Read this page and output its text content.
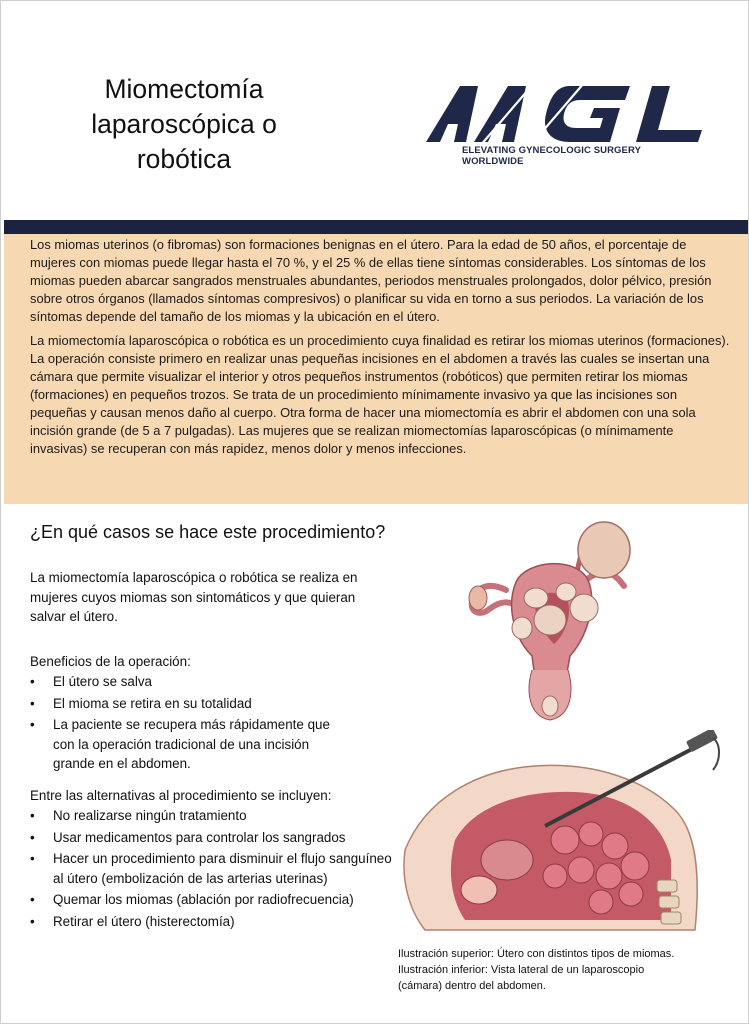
Miomectomía laparoscópica o robótica	ELEVATING GYNECOLOGIC SURGERY WORLDWIDE

Los miomas uterinos (o fibromas) son formaciones benignas en el útero. Para la edad de 50 años, el porcentaje de mujeres con miomas puede llegar hasta el 70 %, y el 25 % de ellas tiene síntomas considerables. Los síntomas de los miomas pueden abarcar sangrados menstruales abundantes, periodos menstruales prolongados, dolor pélvico, presión sobre otros órganos (llamados síntomas compresivos) o planificar su vida en torno a sus periodos. La variación de los síntomas depende del tamaño de los miomas y la ubicación en el útero.

La miomectomía laparoscópica o robótica es un procedimiento cuya finalidad es retirar los miomas uterinos (formaciones). La operación consiste primero en realizar unas pequeñas incisiones en el abdomen a través las cuales se insertan una cámara que permite visualizar el interior y otros pequeños instrumentos (robóticos) que permiten retirar los miomas (formaciones) en pequeños trozos. Se trata de un procedimiento mínimamente invasivo ya que las incisiones son pequeñas y causan menos daño al cuerpo. Otra forma de hacer una miomectomía es abrir el abdomen con una sola incisión grande (de 5 a 7 pulgadas). Las mujeres que se realizan miomectomías laparoscópicas (o mínimamente invasivas) se recuperan con más rapidez, menos dolor y menos infecciones.

¿En qué casos se hace este procedimiento?
La miomectomía laparoscópica o robótica se realiza en mujeres cuyos miomas son sintomáticos y que quieran salvar el útero.
Beneficios de la operación:
• El útero se salva
• El mioma se retira en su totalidad
• La paciente se recupera más rápidamente que con la operación tradicional de una incisión grande en el abdomen.
Entre las alternativas al procedimiento se incluyen:
• No realizarse ningún tratamiento
• Usar medicamentos para controlar los sangrados
• Hacer un procedimiento para disminuir el flujo sanguíneo al útero (embolización de las arterias uterinas)
• Quemar los miomas (ablación por radiofrecuencia)
• Retirar el útero (histerectomía)
Ilustración superior: Útero con distintos tipos de miomas. Ilustración inferior: Vista lateral de un laparoscopio (cámara) dentro del abdomen.
